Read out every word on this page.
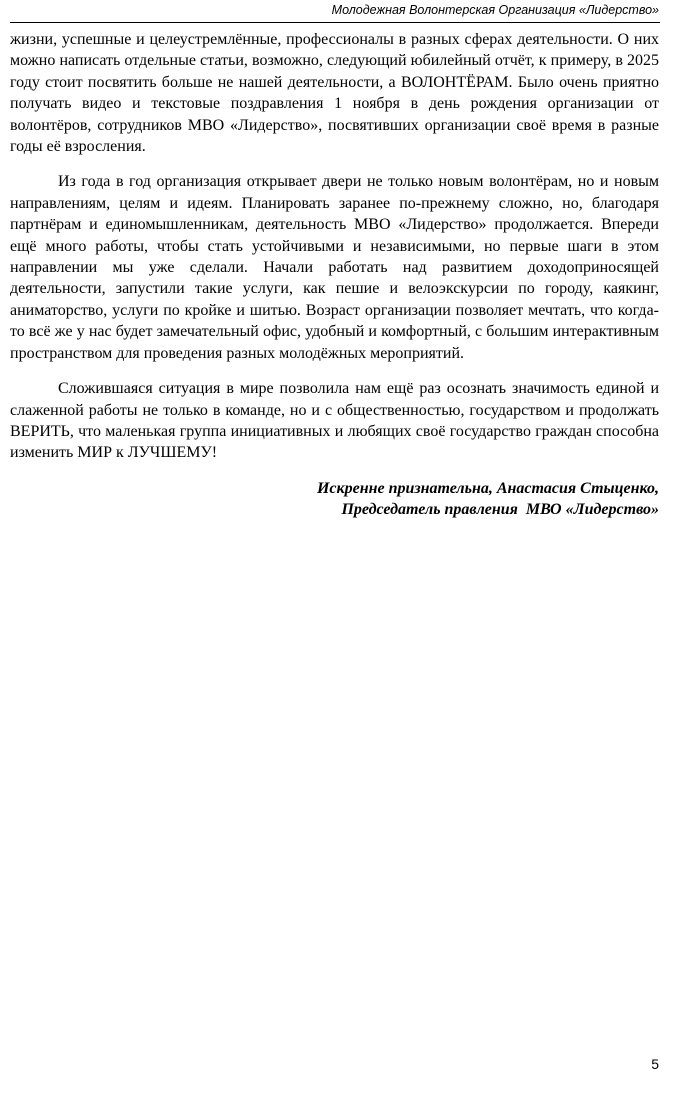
Молодежная Волонтерская Организация «Лидерство»

жизни, успешные и целеустремлённые, профессионалы в разных сферах деятельности. О них можно написать отдельные статьи, возможно, следующий юбилейный отчёт, к примеру, в 2025 году стоит посвятить больше не нашей деятельности, а ВОЛОНТЁРАМ. Было очень приятно получать видео и текстовые поздравления 1 ноября в день рождения организации от волонтёров, сотрудников МВО «Лидерство», посвятивших организации своё время в разные годы её взросления.

Из года в год организация открывает двери не только новым волонтёрам, но и новым направлениям, целям и идеям. Планировать заранее по-прежнему сложно, но, благодаря партнёрам и единомышленникам, деятельность МВО «Лидерство» продолжается. Впереди ещё много работы, чтобы стать устойчивыми и независимыми, но первые шаги в этом направлении мы уже сделали. Начали работать над развитием доходоприносящей деятельности, запустили такие услуги, как пешие и велоэкскурсии по городу, каякинг, аниматорство, услуги по кройке и шитью. Возраст организации позволяет мечтать, что когда-то всё же у нас будет замечательный офис, удобный и комфортный, с большим интерактивным пространством для проведения разных молодёжных мероприятий.

Сложившаяся ситуация в мире позволила нам ещё раз осознать значимость единой и слаженной работы не только в команде, но и с общественностью, государством и продолжать ВЕРИТЬ, что маленькая группа инициативных и любящих своё государство граждан способна изменить МИР к ЛУЧШЕМУ!

Искренне признательна, Анастасия Стыценко,
Председатель правления  МВО «Лидерство»
5
